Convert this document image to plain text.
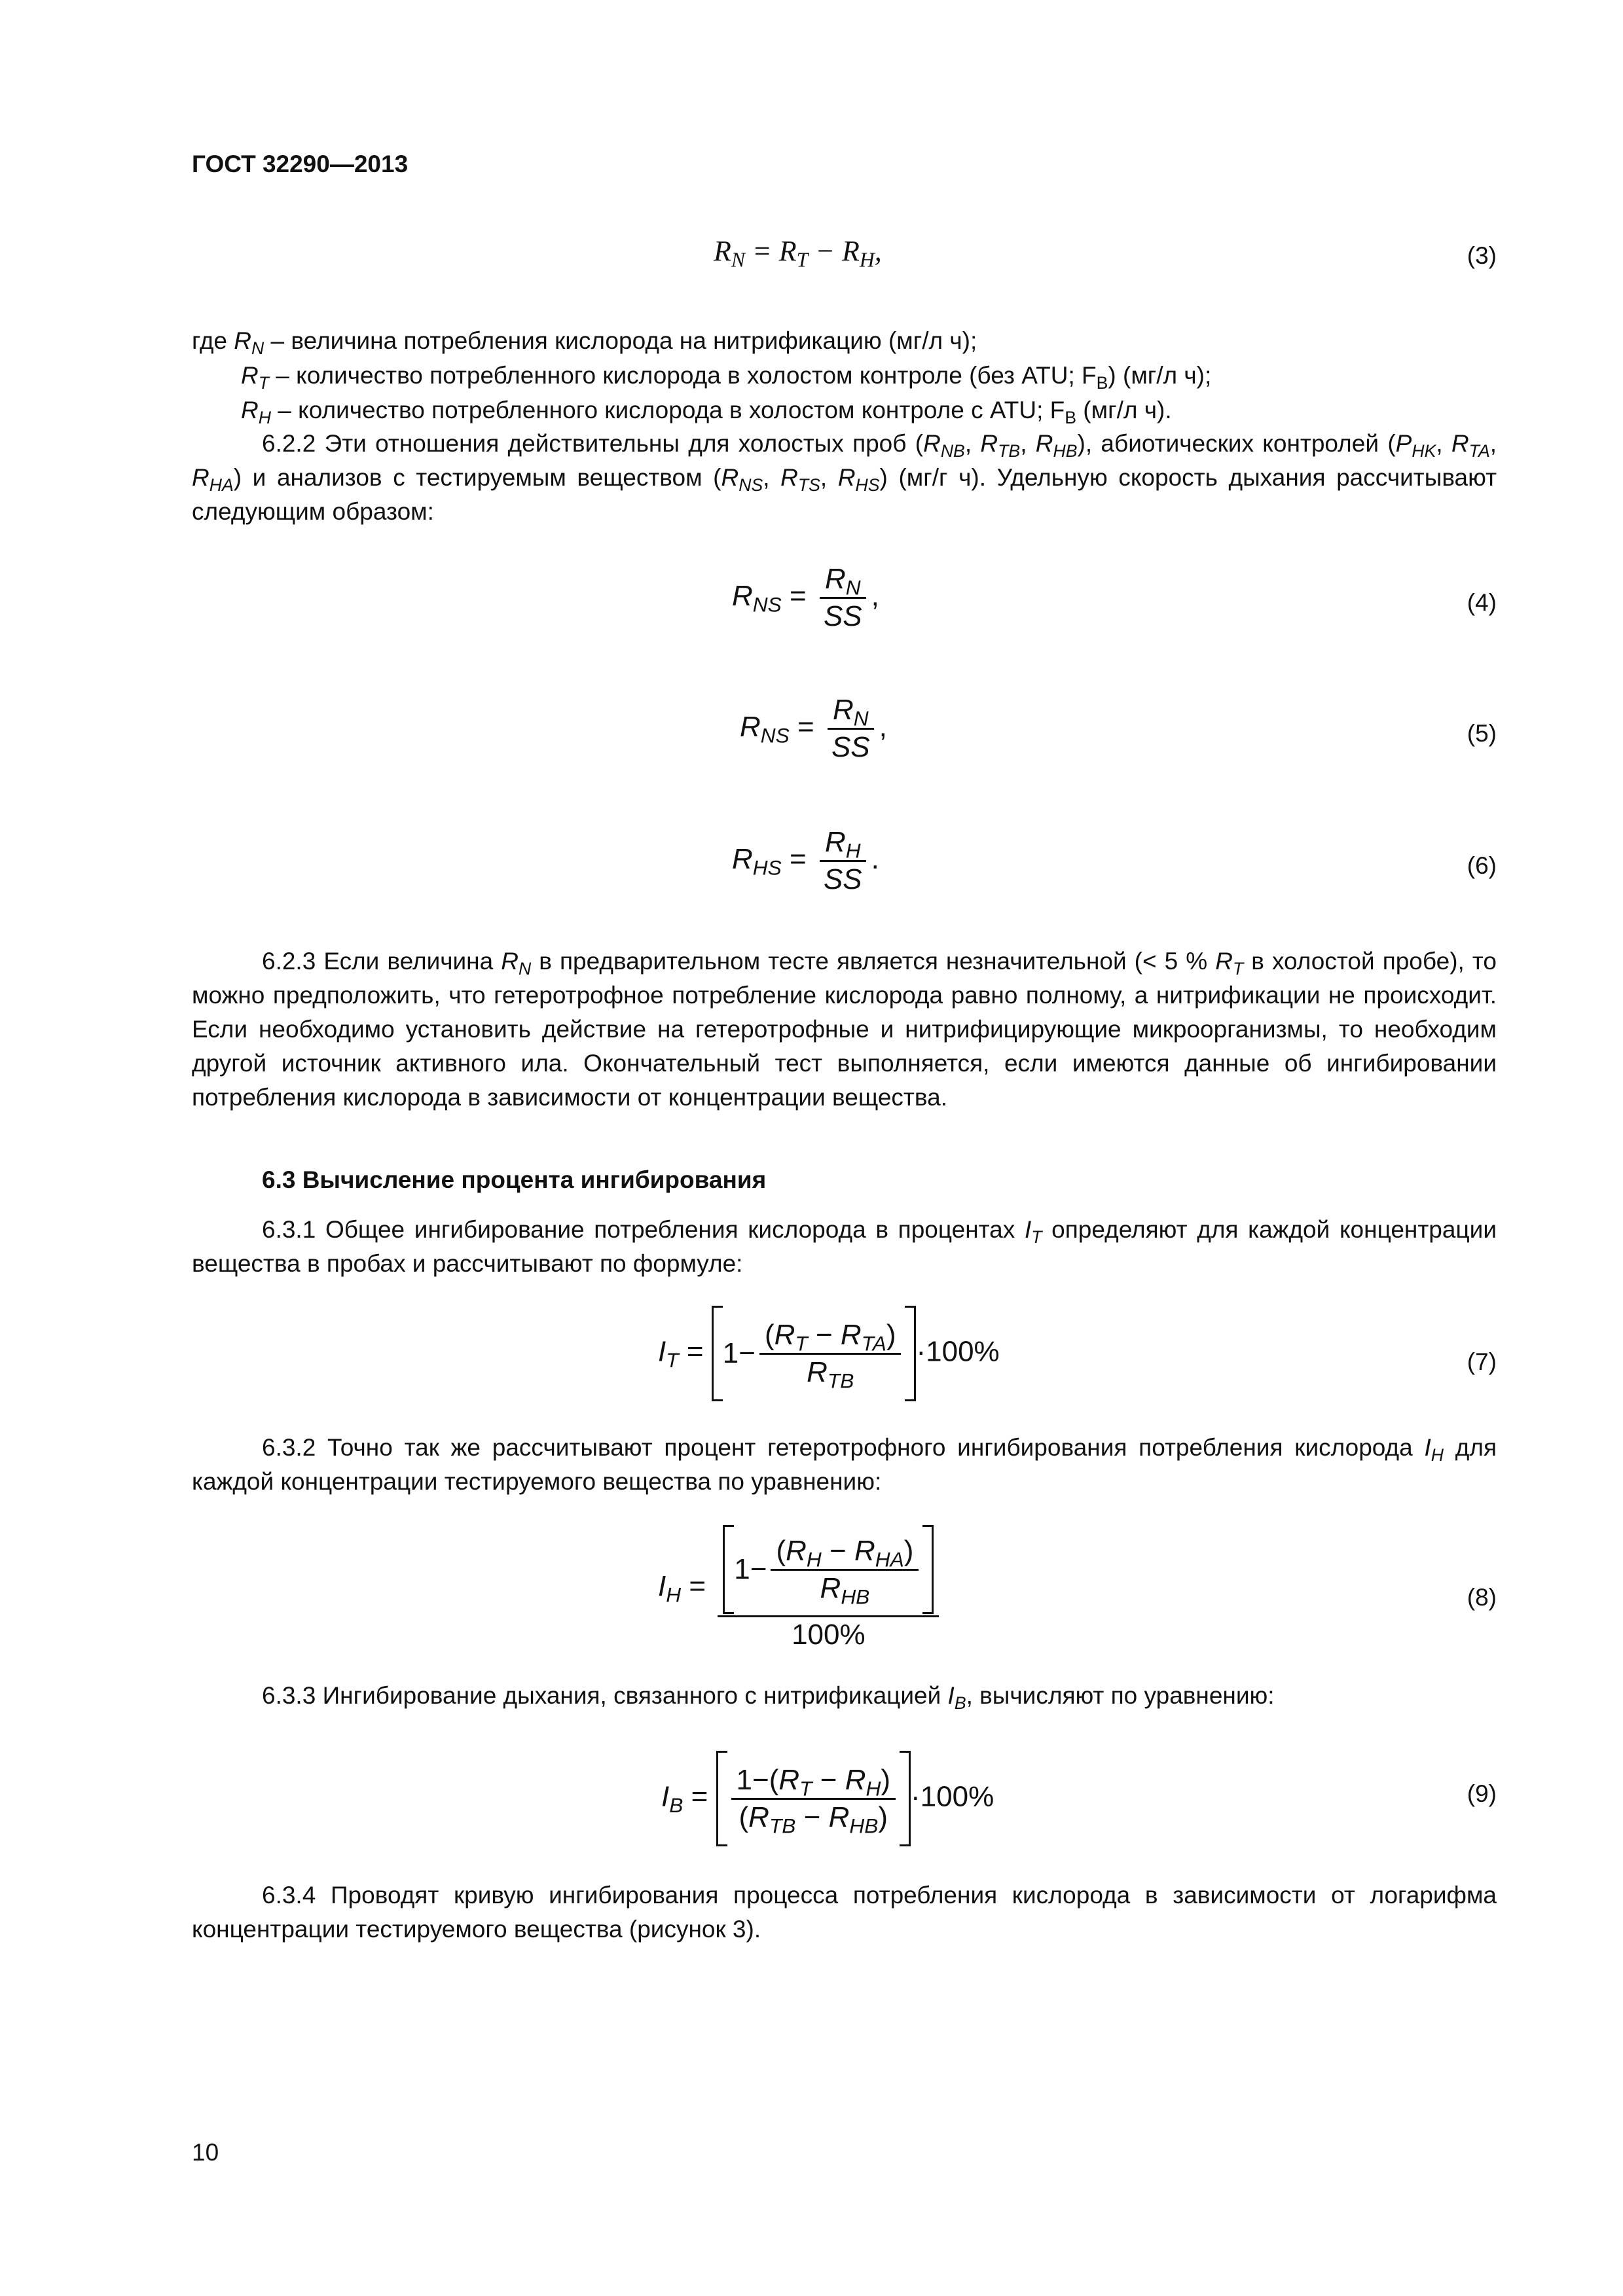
ГОСТ 32290—2013
$R_N = R_T - R_H$,	(3)
где $R_N$ – величина потребления кислорода на нитрификацию (мг/л ч);
$R_T$ – количество потребленного кислорода в холостом контроле (без ATU; $F_B$) (мг/л ч);
$R_H$ – количество потребленного кислорода в холостом контроле с ATU; $F_B$ (мг/л ч).
6.2.2 Эти отношения действительны для холостых проб ($R_{NB}$, $R_{TB}$, $R_{HB}$), абиотических контролей ($P_{HK}$, $R_{TA}$, $R_{HA}$) и анализов с тестируемым веществом ($R_{NS}$, $R_{TS}$, $R_{HS}$) (мг/г ч). Удельную скорость дыхания рассчитывают следующим образом:
$R_{NS} = \frac{R_N}{SS}$ ,	(4)
$R_{NS} = \frac{R_N}{SS}$ ,	(5)
$R_{HS} = \frac{R_H}{SS}$ .	(6)
6.2.3 Если величина $R_N$ в предварительном тесте является незначительной (< 5 % $R_T$ в холостой пробе), то можно предположить, что гетеротрофное потребление кислорода равно полному, а нитрификации не происходит. Если необходимо установить действие на гетеротрофные и нитрифицирующие микроорганизмы, то необходим другой источник активного ила. Окончательный тест выполняется, если имеются данные об ингибировании потребления кислорода в зависимости от концентрации вещества.
6.3 Вычисление процента ингибирования
6.3.1 Общее ингибирование потребления кислорода в процентах $I_T$ определяют для каждой концентрации вещества в пробах и рассчитывают по формуле:
$I_T = 1 - \frac{(R_T - R_{TA})}{R_{TB}} \cdot 100\%$	(7)
6.3.2 Точно так же рассчитывают процент гетеротрофного ингибирования потребления кислорода $I_H$ для каждой концентрации тестируемого вещества по уравнению:
$I_H = \frac{1 - \frac{(R_H - R_{HA})}{R_{HB}}}{100\%}$	(8)
6.3.3 Ингибирование дыхания, связанного с нитрификацией $I_B$, вычисляют по уравнению:
$I_B = \frac{1-(R_T - R_H)}{(R_{TB} - R_{HB})} \cdot 100\%$	(9)
6.3.4 Проводят кривую ингибирования процесса потребления кислорода в зависимости от логарифма концентрации тестируемого вещества (рисунок 3).
10
